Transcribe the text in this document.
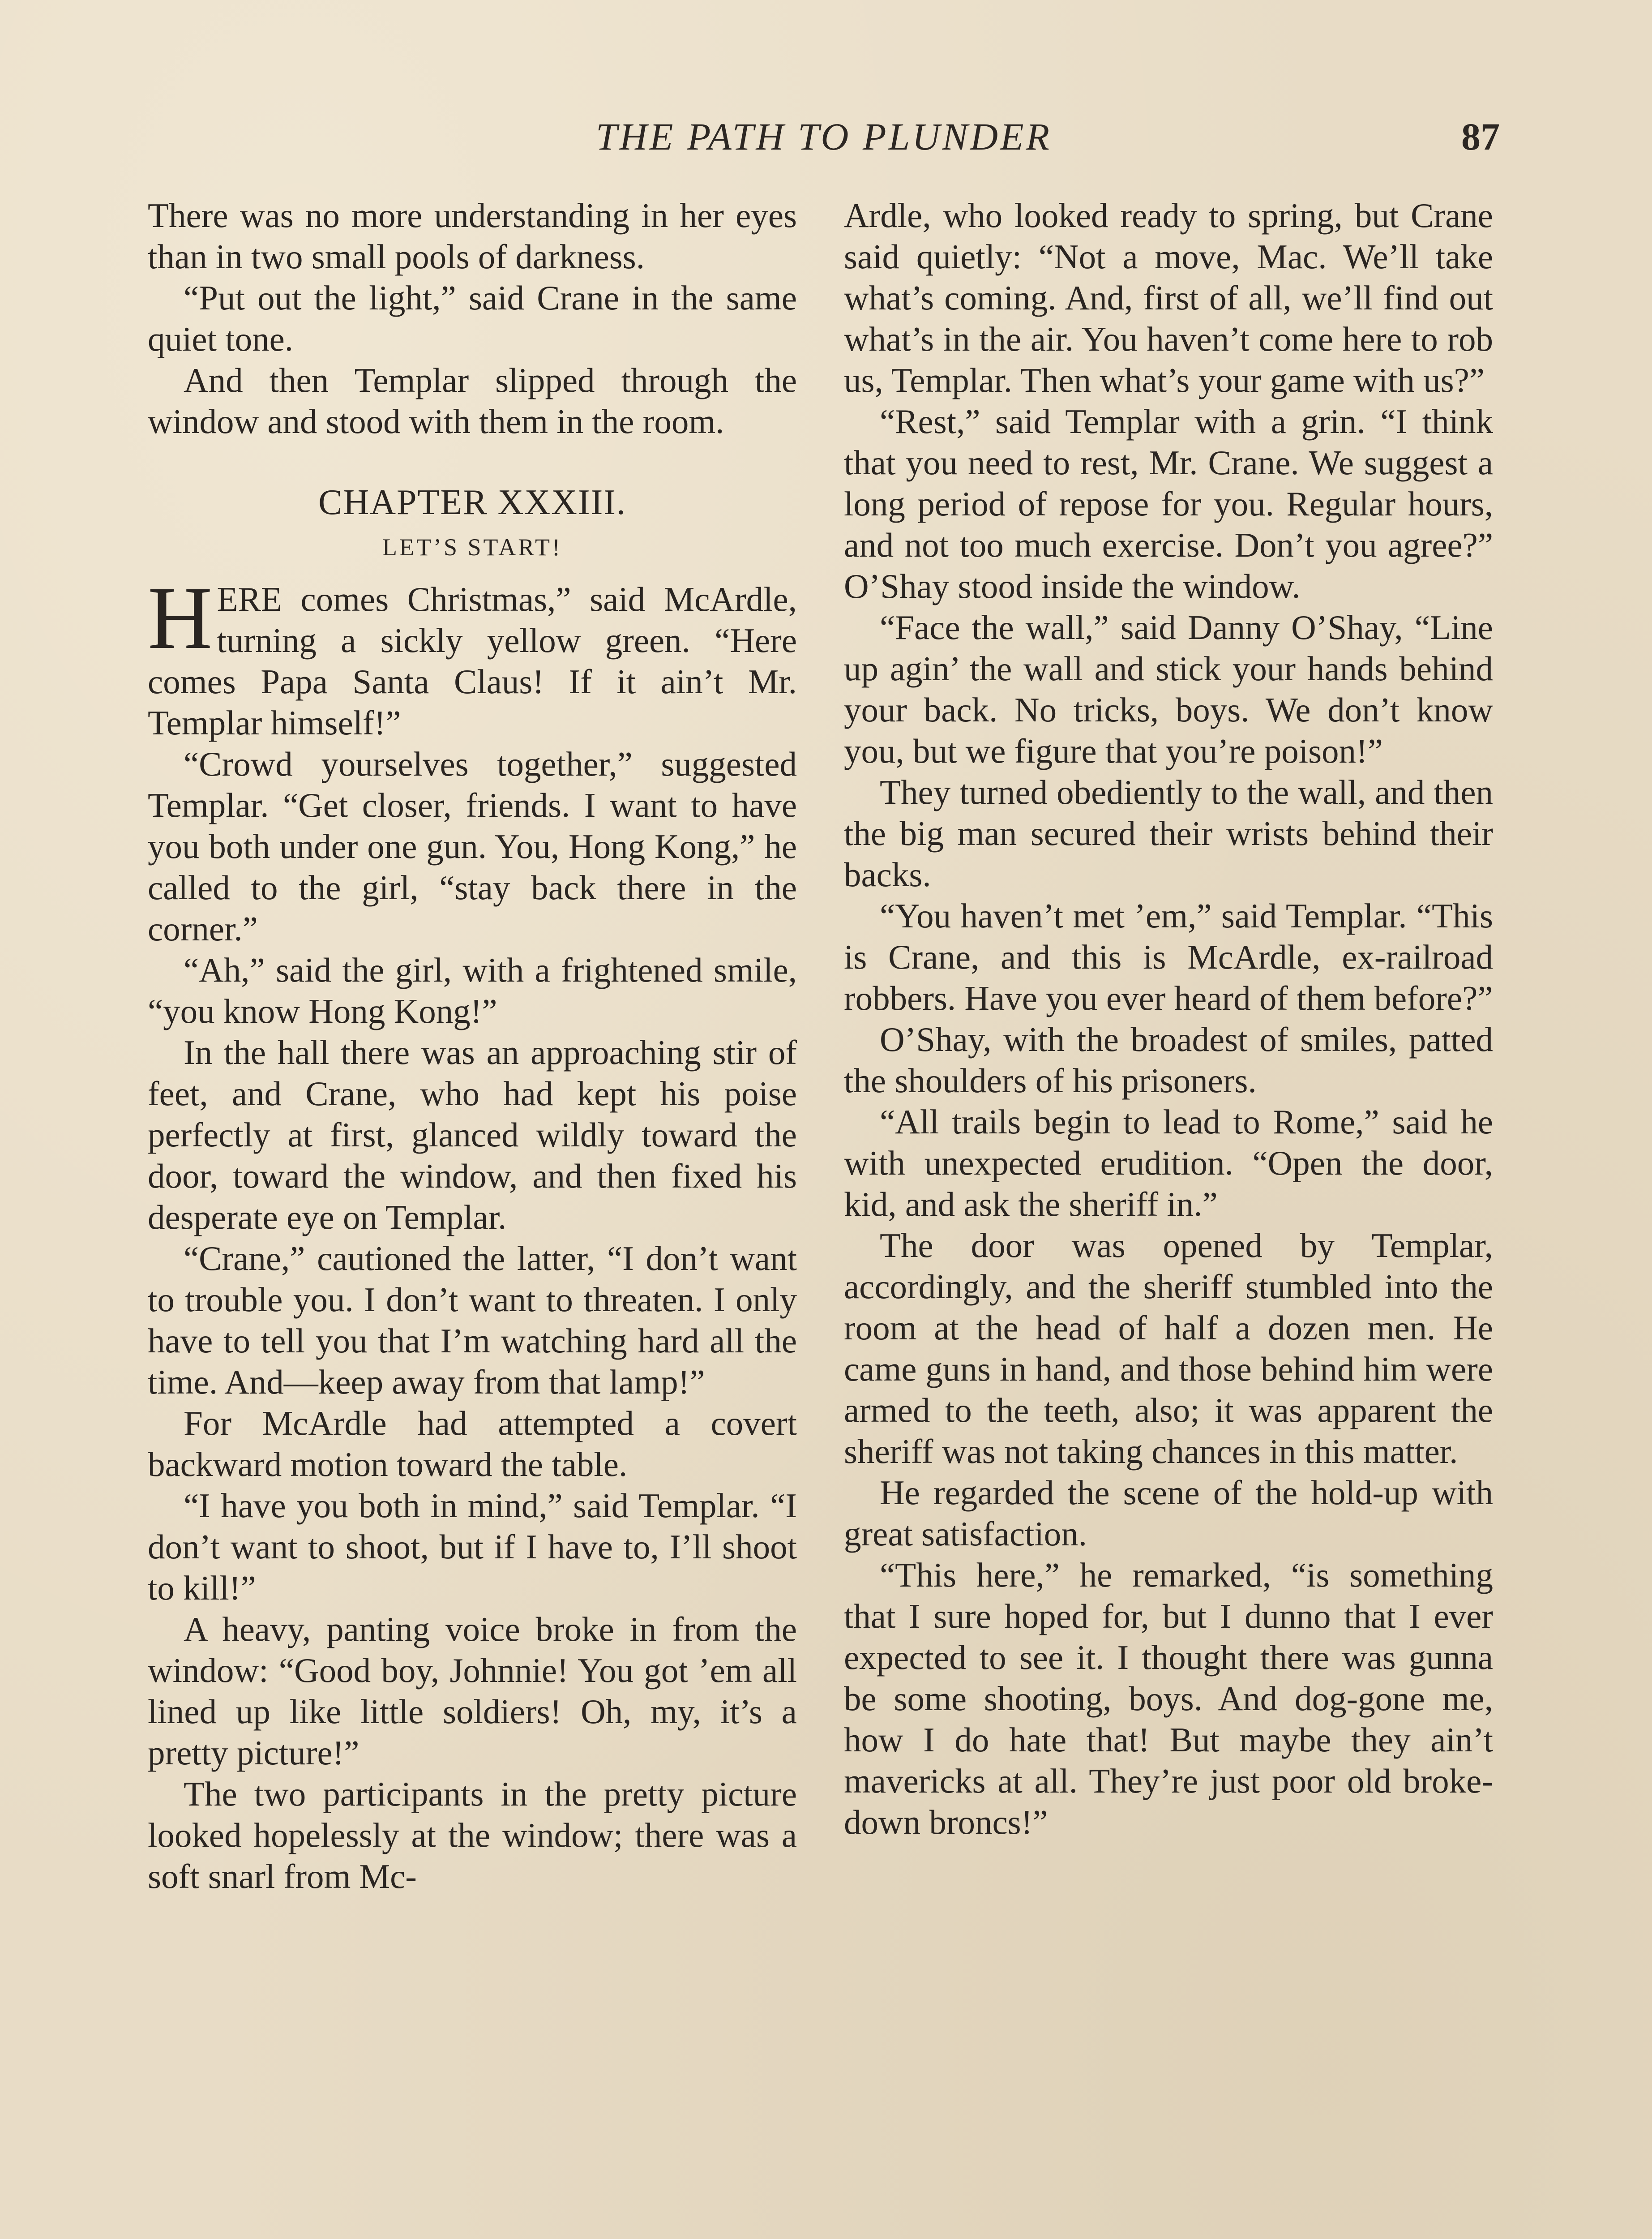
THE PATH TO PLUNDER	87

There was no more understanding in her eyes than in two small pools of darkness.

“Put out the light,” said Crane in the same quiet tone.

And then Templar slipped through the window and stood with them in the room.

CHAPTER XXXIII.
LET’S START!

HERE comes Christmas,” said McArdle, turning a sickly yellow green. “Here comes Papa Santa Claus! If it ain’t Mr. Templar himself!”

“Crowd yourselves together,” suggested Templar. “Get closer, friends. I want to have you both under one gun. You, Hong Kong,” he called to the girl, “stay back there in the corner.”

“Ah,” said the girl, with a frightened smile, “you know Hong Kong!”

In the hall there was an approaching stir of feet, and Crane, who had kept his poise perfectly at first, glanced wildly toward the door, toward the window, and then fixed his desperate eye on Templar.

“Crane,” cautioned the latter, “I don’t want to trouble you. I don’t want to threaten. I only have to tell you that I’m watching hard all the time. And—keep away from that lamp!”

For McArdle had attempted a covert backward motion toward the table.

“I have you both in mind,” said Templar. “I don’t want to shoot, but if I have to, I’ll shoot to kill!”

A heavy, panting voice broke in from the window: “Good boy, Johnnie! You got ’em all lined up like little soldiers! Oh, my, it’s a pretty picture!”

The two participants in the pretty picture looked hopelessly at the window; there was a soft snarl from Mc-

Ardle, who looked ready to spring, but Crane said quietly: “Not a move, Mac. We’ll take what’s coming. And, first of all, we’ll find out what’s in the air. You haven’t come here to rob us, Templar. Then what’s your game with us?”

“Rest,” said Templar with a grin. “I think that you need to rest, Mr. Crane. We suggest a long period of repose for you. Regular hours, and not too much exercise. Don’t you agree?” O’Shay stood inside the window.

“Face the wall,” said Danny O’Shay, “Line up agin’ the wall and stick your hands behind your back. No tricks, boys. We don’t know you, but we figure that you’re poison!”

They turned obediently to the wall, and then the big man secured their wrists behind their backs.

“You haven’t met ’em,” said Templar. “This is Crane, and this is McArdle, ex-railroad robbers. Have you ever heard of them before?”

O’Shay, with the broadest of smiles, patted the shoulders of his prisoners.

“All trails begin to lead to Rome,” said he with unexpected erudition. “Open the door, kid, and ask the sheriff in.”

The door was opened by Templar, accordingly, and the sheriff stumbled into the room at the head of half a dozen men. He came guns in hand, and those behind him were armed to the teeth, also; it was apparent the sheriff was not taking chances in this matter.

He regarded the scene of the hold-up with great satisfaction.

“This here,” he remarked, “is something that I sure hoped for, but I dunno that I ever expected to see it. I thought there was gunna be some shooting, boys. And dog-gone me, how I do hate that! But maybe they ain’t mavericks at all. They’re just poor old broke-down broncs!”
